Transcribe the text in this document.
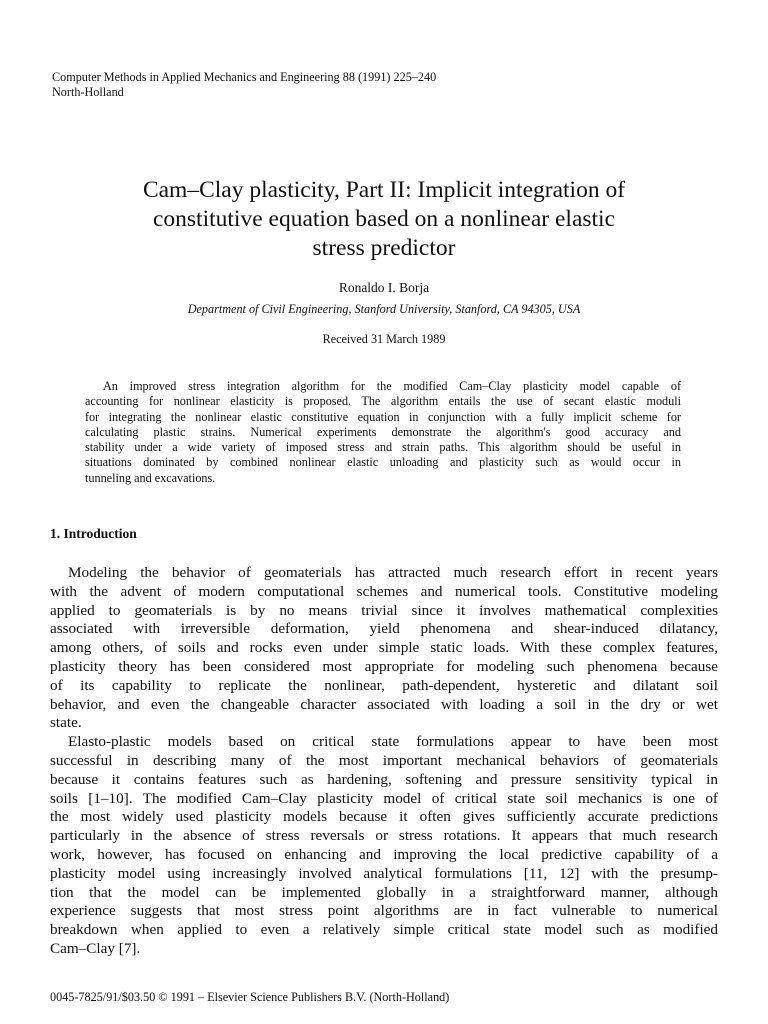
Computer Methods in Applied Mechanics and Engineering 88 (1991) 225–240
North-Holland
Cam–Clay plasticity, Part II: Implicit integration of
constitutive equation based on a nonlinear elastic
stress predictor
Ronaldo I. Borja
Department of Civil Engineering, Stanford University, Stanford, CA 94305, USA
Received 31 March 1989
An improved stress integration algorithm for the modified Cam–Clay plasticity model capable of
accounting for nonlinear elasticity is proposed. The algorithm entails the use of secant elastic moduli
for integrating the nonlinear elastic constitutive equation in conjunction with a fully implicit scheme for
calculating plastic strains. Numerical experiments demonstrate the algorithm's good accuracy and
stability under a wide variety of imposed stress and strain paths. This algorithm should be useful in
situations dominated by combined nonlinear elastic unloading and plasticity such as would occur in
tunneling and excavations.
1. Introduction
Modeling the behavior of geomaterials has attracted much research effort in recent years
with the advent of modern computational schemes and numerical tools. Constitutive modeling
applied to geomaterials is by no means trivial since it involves mathematical complexities
associated with irreversible deformation, yield phenomena and shear-induced dilatancy,
among others, of soils and rocks even under simple static loads. With these complex features,
plasticity theory has been considered most appropriate for modeling such phenomena because
of its capability to replicate the nonlinear, path-dependent, hysteretic and dilatant soil
behavior, and even the changeable character associated with loading a soil in the dry or wet
state.
Elasto-plastic models based on critical state formulations appear to have been most
successful in describing many of the most important mechanical behaviors of geomaterials
because it contains features such as hardening, softening and pressure sensitivity typical in
soils [1–10]. The modified Cam–Clay plasticity model of critical state soil mechanics is one of
the most widely used plasticity models because it often gives sufficiently accurate predictions
particularly in the absence of stress reversals or stress rotations. It appears that much research
work, however, has focused on enhancing and improving the local predictive capability of a
plasticity model using increasingly involved analytical formulations [11, 12] with the presump-
tion that the model can be implemented globally in a straightforward manner, although
experience suggests that most stress point algorithms are in fact vulnerable to numerical
breakdown when applied to even a relatively simple critical state model such as modified
Cam–Clay [7].
0045-7825/91/$03.50 © 1991 – Elsevier Science Publishers B.V. (North-Holland)
